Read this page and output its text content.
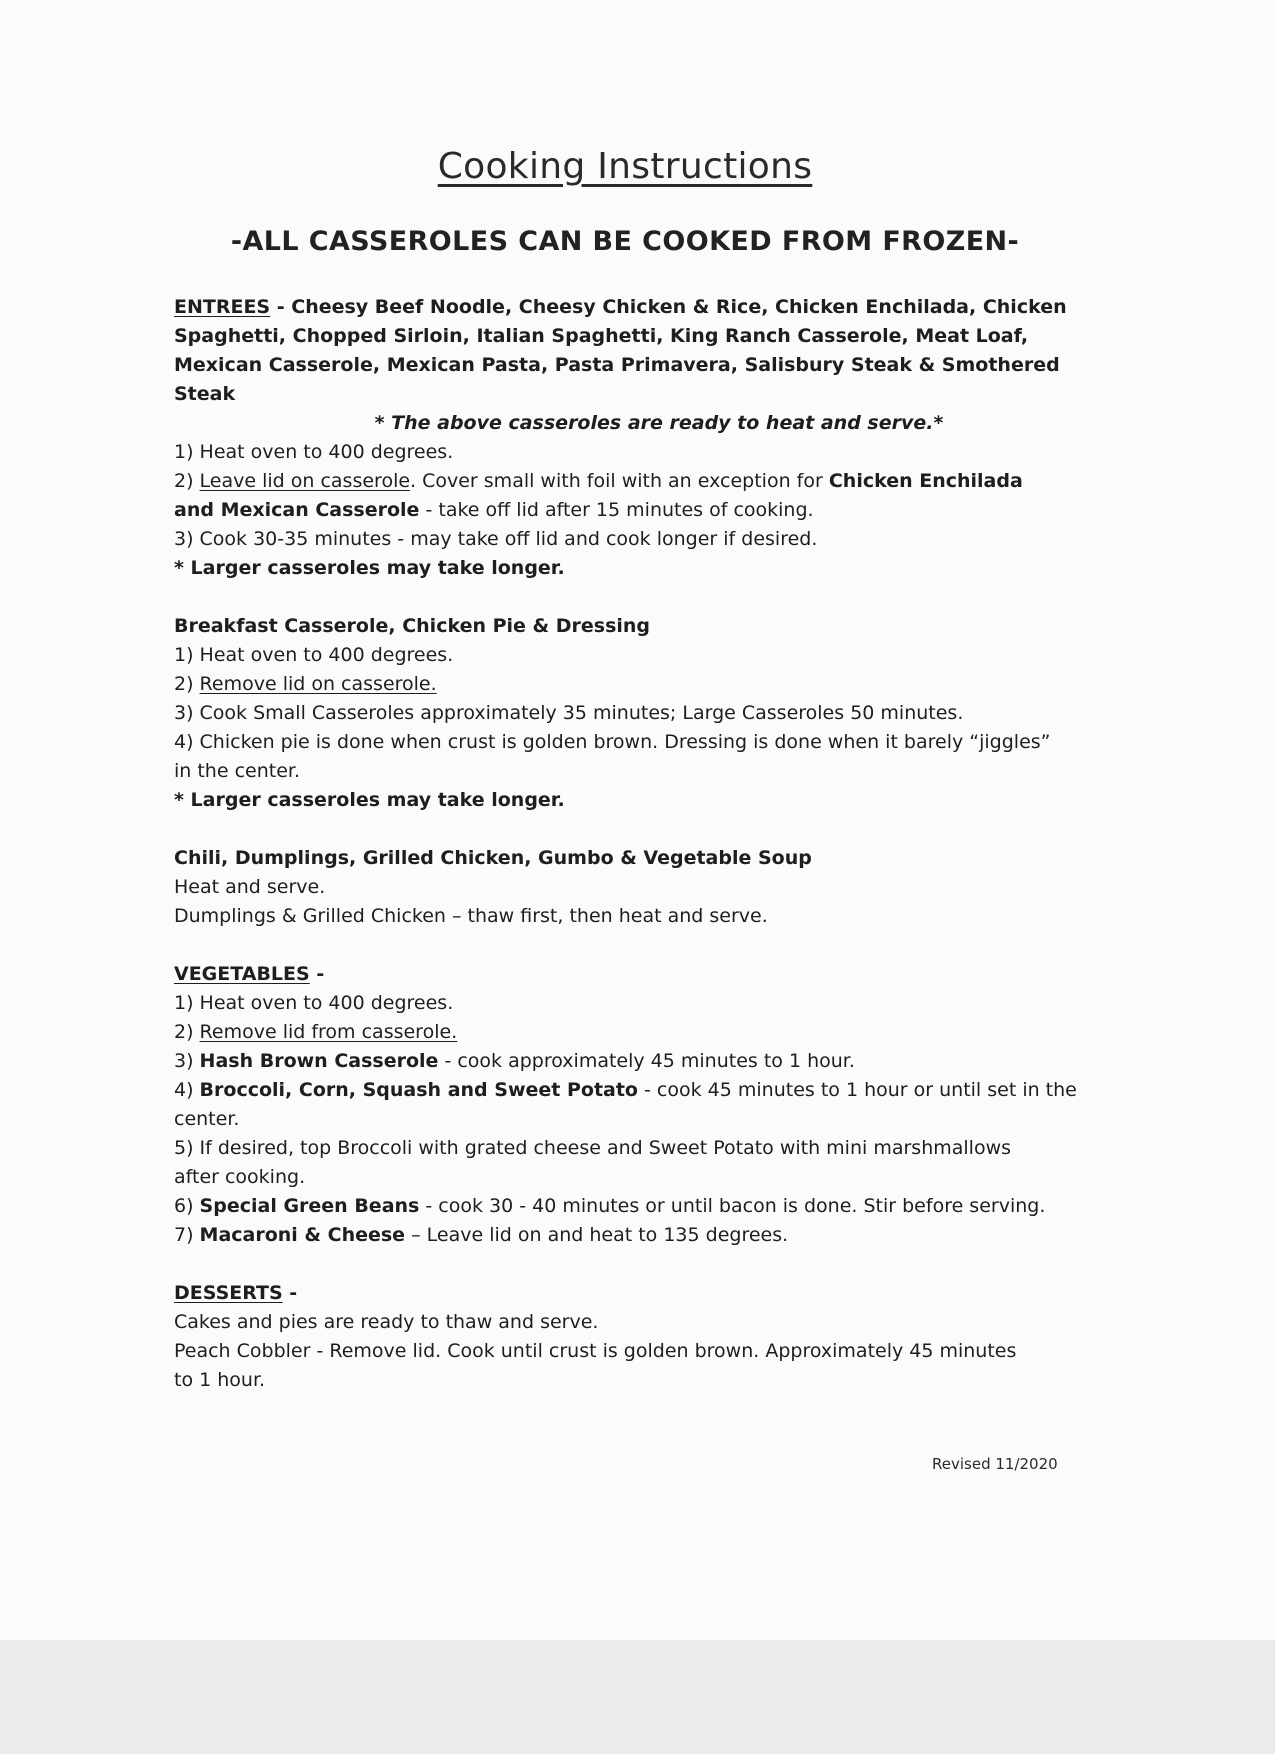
Cooking Instructions
-ALL CASSEROLES CAN BE COOKED FROM FROZEN-
ENTREES - Cheesy Beef Noodle, Cheesy Chicken & Rice, Chicken Enchilada, Chicken
Spaghetti, Chopped Sirloin, Italian Spaghetti, King Ranch Casserole, Meat Loaf,
Mexican Casserole, Mexican Pasta, Pasta Primavera, Salisbury Steak & Smothered
Steak
* The above casseroles are ready to heat and serve.*
1) Heat oven to 400 degrees.
2) Leave lid on casserole. Cover small with foil with an exception for Chicken Enchilada
and Mexican Casserole - take off lid after 15 minutes of cooking.
3) Cook 30-35 minutes - may take off lid and cook longer if desired.
* Larger casseroles may take longer.
Breakfast Casserole, Chicken Pie & Dressing
1) Heat oven to 400 degrees.
2) Remove lid on casserole.
3) Cook Small Casseroles approximately 35 minutes; Large Casseroles 50 minutes.
4) Chicken pie is done when crust is golden brown. Dressing is done when it barely “jiggles”
in the center.
* Larger casseroles may take longer.
Chili, Dumplings, Grilled Chicken, Gumbo & Vegetable Soup
Heat and serve.
Dumplings & Grilled Chicken – thaw first, then heat and serve.
VEGETABLES -
1) Heat oven to 400 degrees.
2) Remove lid from casserole.
3) Hash Brown Casserole - cook approximately 45 minutes to 1 hour.
4) Broccoli, Corn, Squash and Sweet Potato - cook 45 minutes to 1 hour or until set in the
center.
5) If desired, top Broccoli with grated cheese and Sweet Potato with mini marshmallows
after cooking.
6) Special Green Beans - cook 30 - 40 minutes or until bacon is done. Stir before serving.
7) Macaroni & Cheese – Leave lid on and heat to 135 degrees.
DESSERTS -
Cakes and pies are ready to thaw and serve.
Peach Cobbler - Remove lid. Cook until crust is golden brown. Approximately 45 minutes
to 1 hour.
Revised 11/2020
